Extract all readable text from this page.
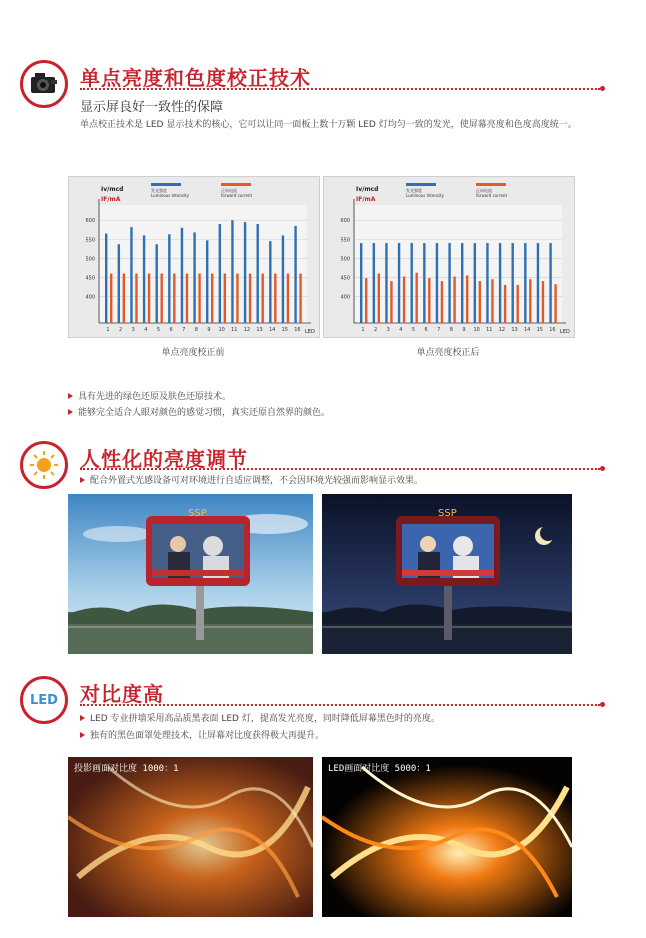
单点亮度和色度校正技术
显示屏良好一致性的保障
单点校正技术是 LED 显示技术的核心，它可以让同一面板上数十万颗 LED 灯均匀一致的发光，使屏幕亮度和色度高度统一。
400
450
500
550
600
Iv/mcd
IF/mA
LED
发光强度
Luminous Intensity
正向电流
forward current
1 2 3 4 5 6 7 8 9 10 11 12 13 14 15 16
单点亮度校正前
400
450
500
550
600
Iv/mcd
IF/mA
LED
发光强度
Luminous Intensity
正向电流
forward current
1 2 3 4 5 6 7 8 9 10 11 12 13 14 15 16
单点亮度校正后
具有先进的绿色还原及肤色还原技术。
能够完全适合人眼对颜色的感觉习惯，真实还原自然界的颜色。
人性化的亮度调节
配合外置式光感设备可对环境进行自适应调整，不会因环境光较强而影响显示效果。
SSP	SSP
LED 对比度高
LED 专业拼墙采用高品质黑表面 LED 灯，提高发光亮度，同时降低屏幕黑色时的亮度。
独有的黑色面罩处理技术，让屏幕对比度获得极大再提升。
投影画面对比度 1000：1	LED画面对比度 5000：1
